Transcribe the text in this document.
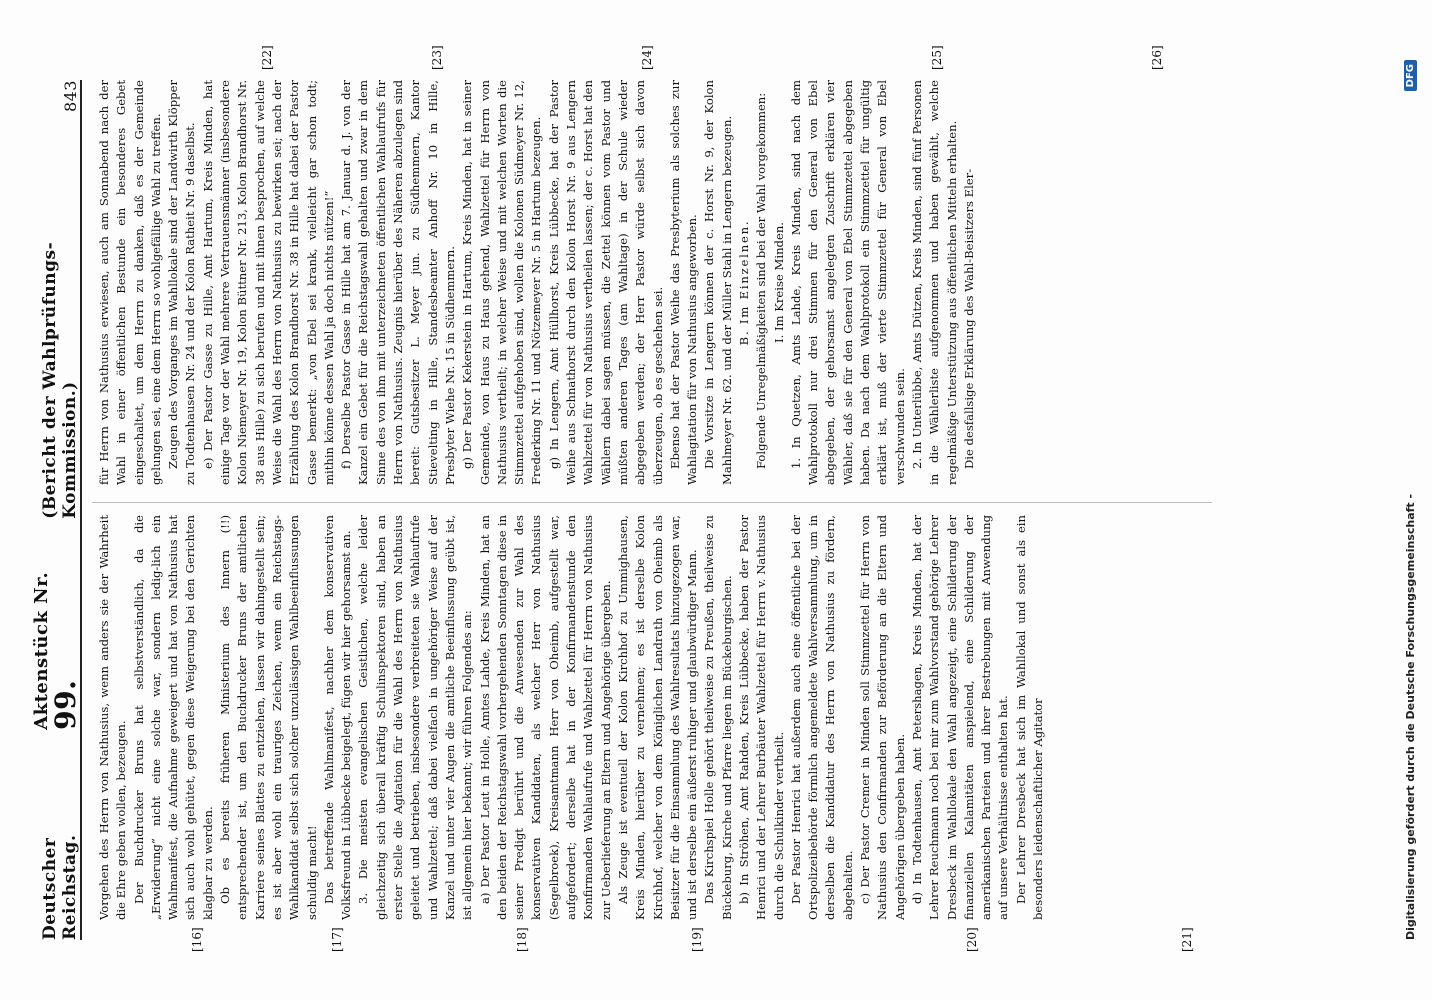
Deutscher Reichstag.
Aktenstück Nr. 99.
(Bericht der Wahlprüfungs-Kommission.)
843

Vorgehen des Herrn von Nathusius, wenn anders sie der Wahrheit die Ehre geben wollen, bezeugen. Der Buchdrucker Bruns hat selbstverständlich, da die „Erwiderung“ nicht eine solche war, sondern ledig-lich ein Wahlmanifest, die Aufnahme geweigert und hat von Nathusius hat sich auch wohl gehütet, gegen diese Weigerung bei den Gerichten klagbar zu werden. Ob es bereits früheren Ministerium des Innern (!!) entsprechender ist, um den Buchdrucker Bruns der amtlichen Karriere seines Blattes zu entziehen, lassen wir dahingestellt sein; es ist aber wohl ein trauriges Zeichen, wenn ein Reichstags-Wahlkandidat selbst sich solcher unzulässigen Wahlbeeinflussungen schuldig macht! Das betreffende Wahlmanifest, nachher dem konservativen Volksfreund in Lübbecke beigelegt, fügen wir hier gehorsamst an. 3. Die meisten evangelischen Geistlichen, welche leider gleichzeitig sich überall kräftig Schulinspektoren sind, haben an erster Stelle die Agitation für die Wahl des Herrn von Nathusius geleitet und betrieben, insbesondere verbreiteten sie Wahlaufrufe und Wahlzettel; daß dabei vielfach in ungehöriger Weise auf der Kanzel und unter vier Augen die amtliche Beeinflussung geübt ist, ist allgemein hier bekannt; wir führen Folgendes an: a) Der Pastor Leut in Holle, Amtes Lahde, Kreis Minden, hat an den beiden der Reichstagswahl vorhergehenden Sonntagen diese in seiner Predigt berührt und die Anwesenden zur Wahl des konservativen Kandidaten, als welcher Herr von Nathusius (Segelbroek), Kreisamtmann Herr von Oheimb, aufgestellt war, aufgefordert; derselbe hat in der Konfirmandenstunde den Konfirmanden Wahlaufrufe und Wahlzettel für Herrn von Nathusius zur Ueberlieferung an Eltern und Angehörige übergeben. Als Zeuge ist eventuell der Kolon Kirchhof zu Ummighausen, Kreis Minden, hierüber zu vernehmen; es ist derselbe Kolon Kirchhof, welcher von dem Königlichen Landrath von Oheimb als Beisitzer für die Einsammlung des Wahlresultats hinzugezogen war, und ist derselbe ein äußerst ruhiger und glaubwürdiger Mann. Das Kirchspiel Holle gehört theilweise zu Preußen, theilweise zu Bückeburg, Kirche und Pfarre liegen im Bückeburgischen. b) In Ströhen, Amt Rahden, Kreis Lübbecke, haben der Pastor Henrici und der Lehrer Burbäuter Wahlzettel für Herrn v. Nathusius durch die Schulkinder vertheilt. Der Pastor Henrici hat außerdem auch eine öffentliche bei der Ortspolizeibehörde förmlich angemeldete Wahlversammlung, um in derselben die Kandidatur des Herrn von Nathusius zu fördern, abgehalten. c) Der Pastor Cremer in Minden soll Stimmzettel für Herrn von Nathusius den Confirmanden zur Beförderung an die Eltern und Angehörigen übergeben haben. d) In Todtenhausen, Amt Petershagen, Kreis Minden, hat der Lehrer Reuchmann noch bei mir zum Wahlvorstand gehörige Lehrer Dresbeck im Wahllokale den Wahl angezeigt, eine Schilderung der finanziellen Kalamitäten anspielend, eine Schilderung der amerikanischen Parteien und ihrer Bestrebungen mit Anwendung auf unsere Verhältnisse enthalten hat. Der Lehrer Dresbeck hat sich im Wahllokal und sonst als ein besonders leidenschaftlicher Agitator

für Herrn von Nathusius erwiesen, auch am Sonnabend nach der Wahl in einer öffentlichen Bestunde ein besonderes Gebet eingeschaltet, um dem Herrn zu danken, daß es der Gemeinde gelungen sei, eine dem Herrn so wohlgefällige Wahl zu treffen. Zeugen des Vorganges im Wahllokale sind der Landwirth Klöpper zu Todtenhausen Nr. 24 und der Kolon Ratheit Nr. 9 daselbst. e) Der Pastor Gasse zu Hille, Amt Hartum, Kreis Minden, hat einige Tage vor der Wahl mehrere Vertrauensmänner (insbesondere Kolon Niemeyer Nr. 19, Kolon Büttner Nr. 213, Kolon Brandhorst Nr. 38 aus Hille) zu sich berufen und mit ihnen besprochen, auf welche Weise die Wahl des Herrn von Nathusius zu bewirken sei; nach der Erzählung des Kolon Brandhorst Nr. 38 in Hille hat dabei der Pastor Gasse bemerkt: „von Ebel sei krank, vielleicht gar schon todt; mithin könne dessen Wahl ja doch nichts nützen!“ f) Derselbe Pastor Gasse in Hille hat am 7. Januar d. J. von der Kanzel ein Gebet für die Reichstagswahl gehalten und zwar in dem Sinne des von ihm mit unterzeichneten öffentlichen Wahlaufrufs für Herrn von Nathusius. Zeugnis hierüber des Näheren abzulegen sind bereit: Gutsbesitzer L. Meyer jun. zu Südhemmern, Kantor Stievelting in Hille, Standesbeamter Anhoff Nr. 10 in Hille, Presbyter Wiehe Nr. 15 in Südhemmern. g) Der Pastor Kekerstein in Hartum, Kreis Minden, hat in seiner Gemeinde, von Haus zu Haus gehend, Wahlzettel für Herrn von Nathusius vertheilt; in welcher Weise und mit welchen Worten die Stimmzettel aufgehoben sind, wollen die Kolonen Südmeyer Nr. 12, Frederking Nr. 11 und Nötzemeyer Nr. 5 in Hartum bezeugen. g) In Lengern, Amt Hüllhorst, Kreis Lübbecke, hat der Pastor Weihe aus Schnathorst durch den Kolon Horst Nr. 9 aus Lengern Wahlzettel für von Nathusius vertheilen lassen; der c. Horst hat den Wählern dabei sagen müssen, die Zettel können vom Pastor und müßten anderen Tages (am Wahltage) in der Schule wieder abgegeben werden; der Herr Pastor würde selbst sich davon überzeugen, ob es geschehen sei. Ebenso hat der Pastor Weihe das Presbyterium als solches zur Wahlagitation für von Nathusius angeworben. Die Vorsitze in Lengern können der c. Horst Nr. 9, der Kolon Mahlmeyer Nr. 62. und der Müller Stahl in Lengern bezeugen. B. Im Einzelnen. Folgende Unregelmäßigkeiten sind bei der Wahl vorgekommen: I. Im Kreise Minden. 1. In Quetzen, Amts Lahde, Kreis Minden, sind nach dem Wahlprotokoll nur drei Stimmen für den General von Ebel abgegeben, der gehorsamst angelegten Zuschrift erklären vier Wähler, daß sie für den General von Ebel Stimmzettel abgegeben haben. Da nach dem Wahlprotokoll ein Stimmzettel für ungültig erklärt ist, muß der vierte Stimmzettel für General von Ebel verschwunden sein. 2. In Unterlübbe, Amts Dützen, Kreis Minden, sind fünf Personen in die Wählerliste aufgenommen und haben gewählt, welche regelmäßige Unterstützung aus öffentlichen Mitteln erhalten. Die desfallsige Erklärung des Wahl-Beisitzers Eler-

[16]	[17]	[18]	[19]	[20]	[21]
[22]	[23]	[24]	[25]	[26]
Digitalisierung gefördert durch die Deutsche Forschungsgemeinschaft -
DFG
